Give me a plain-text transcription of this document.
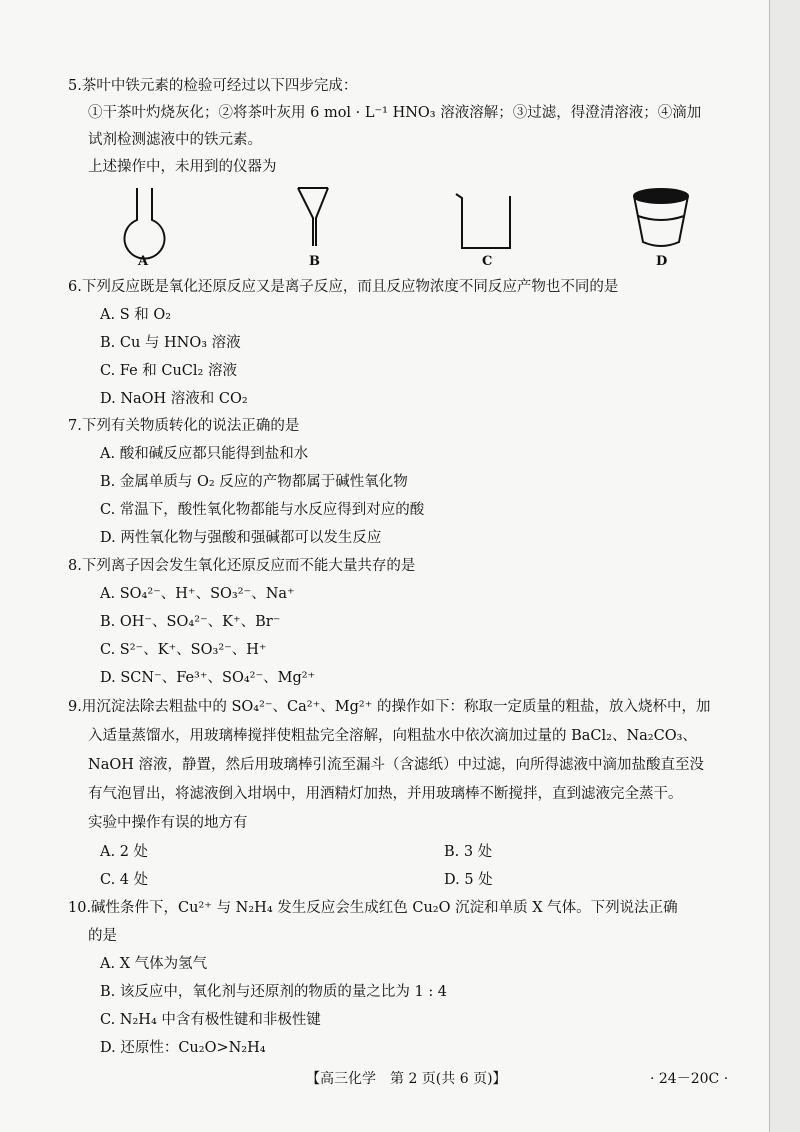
5.茶叶中铁元素的检验可经过以下四步完成：
①干茶叶灼烧灰化；②将茶叶灰用 6 mol · L⁻¹ HNO₃ 溶液溶解；③过滤，得澄清溶液；④滴加
试剂检测滤液中的铁元素。
上述操作中，未用到的仪器为
A	B	C	D
6.下列反应既是氧化还原反应又是离子反应，而且反应物浓度不同反应产物也不同的是
A. S 和 O₂
B. Cu 与 HNO₃ 溶液
C. Fe 和 CuCl₂ 溶液
D. NaOH 溶液和 CO₂
7.下列有关物质转化的说法正确的是
A. 酸和碱反应都只能得到盐和水
B. 金属单质与 O₂ 反应的产物都属于碱性氧化物
C. 常温下，酸性氧化物都能与水反应得到对应的酸
D. 两性氧化物与强酸和强碱都可以发生反应
8.下列离子因会发生氧化还原反应而不能大量共存的是
A. SO₄²⁻、H⁺、SO₃²⁻、Na⁺
B. OH⁻、SO₄²⁻、K⁺、Br⁻
C. S²⁻、K⁺、SO₃²⁻、H⁺
D. SCN⁻、Fe³⁺、SO₄²⁻、Mg²⁺
9.用沉淀法除去粗盐中的 SO₄²⁻、Ca²⁺、Mg²⁺ 的操作如下：称取一定质量的粗盐，放入烧杯中，加
入适量蒸馏水，用玻璃棒搅拌使粗盐完全溶解，向粗盐水中依次滴加过量的 BaCl₂、Na₂CO₃、
NaOH 溶液，静置，然后用玻璃棒引流至漏斗（含滤纸）中过滤，向所得滤液中滴加盐酸直至没
有气泡冒出，将滤液倒入坩埚中，用酒精灯加热，并用玻璃棒不断搅拌，直到滤液完全蒸干。
实验中操作有误的地方有
A. 2 处	B. 3 处
C. 4 处	D. 5 处
10.碱性条件下，Cu²⁺ 与 N₂H₄ 发生反应会生成红色 Cu₂O 沉淀和单质 X 气体。下列说法正确
的是
A. X 气体为氢气
B. 该反应中，氧化剂与还原剂的物质的量之比为 1 : 4
C. N₂H₄ 中含有极性键和非极性键
D. 还原性：Cu₂O>N₂H₄
【高三化学　第 2 页(共 6 页)】	· 24－20C ·
